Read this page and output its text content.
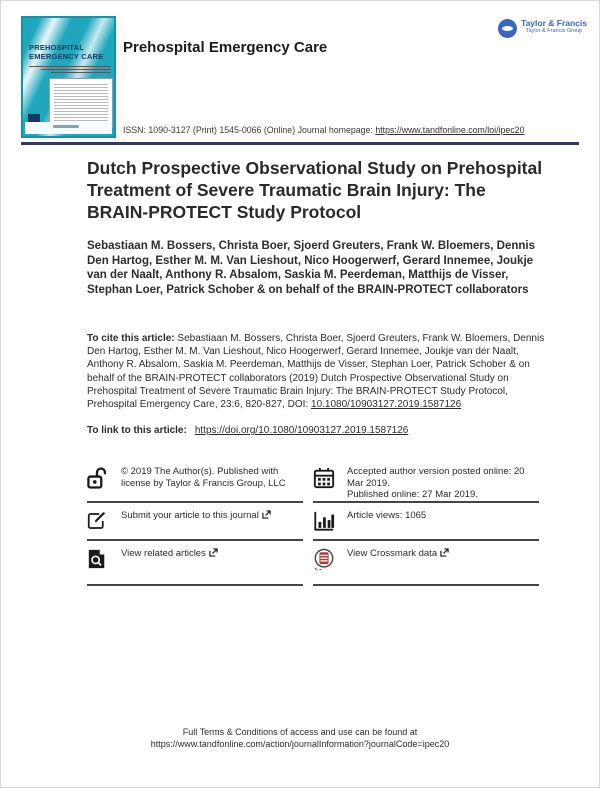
PREHOSPITAL
EMERGENCY CARE
Taylor & Francis
Taylor & Francis Group
Prehospital Emergency Care
ISSN: 1090-3127 (Print) 1545-0066 (Online) Journal homepage: https://www.tandfonline.com/loi/ipec20
Dutch Prospective Observational Study on Prehospital Treatment of Severe Traumatic Brain Injury: The BRAIN-PROTECT Study Protocol
Sebastiaan M. Bossers, Christa Boer, Sjoerd Greuters, Frank W. Bloemers, Dennis Den Hartog, Esther M. M. Van Lieshout, Nico Hoogerwerf, Gerard Innemee, Joukje van der Naalt, Anthony R. Absalom, Saskia M. Peerdeman, Matthijs de Visser, Stephan Loer, Patrick Schober & on behalf of the BRAIN-PROTECT collaborators
To cite this article: Sebastiaan M. Bossers, Christa Boer, Sjoerd Greuters, Frank W. Bloemers, Dennis Den Hartog, Esther M. M. Van Lieshout, Nico Hoogerwerf, Gerard Innemee, Joukje van der Naalt, Anthony R. Absalom, Saskia M. Peerdeman, Matthijs de Visser, Stephan Loer, Patrick Schober & on behalf of the BRAIN-PROTECT collaborators (2019) Dutch Prospective Observational Study on Prehospital Treatment of Severe Traumatic Brain Injury: The BRAIN-PROTECT Study Protocol, Prehospital Emergency Care, 23:6, 820-827, DOI: 10.1080/10903127.2019.1587126
To link to this article: https://doi.org/10.1080/10903127.2019.1587126
© 2019 The Author(s). Published with license by Taylor & Francis Group, LLC
Accepted author version posted online: 20 Mar 2019.
Published online: 27 Mar 2019.
Submit your article to this journal	Article views: 1065
View related articles	View Crossmark data
Full Terms & Conditions of access and use can be found at
https://www.tandfonline.com/action/journalInformation?journalCode=ipec20
